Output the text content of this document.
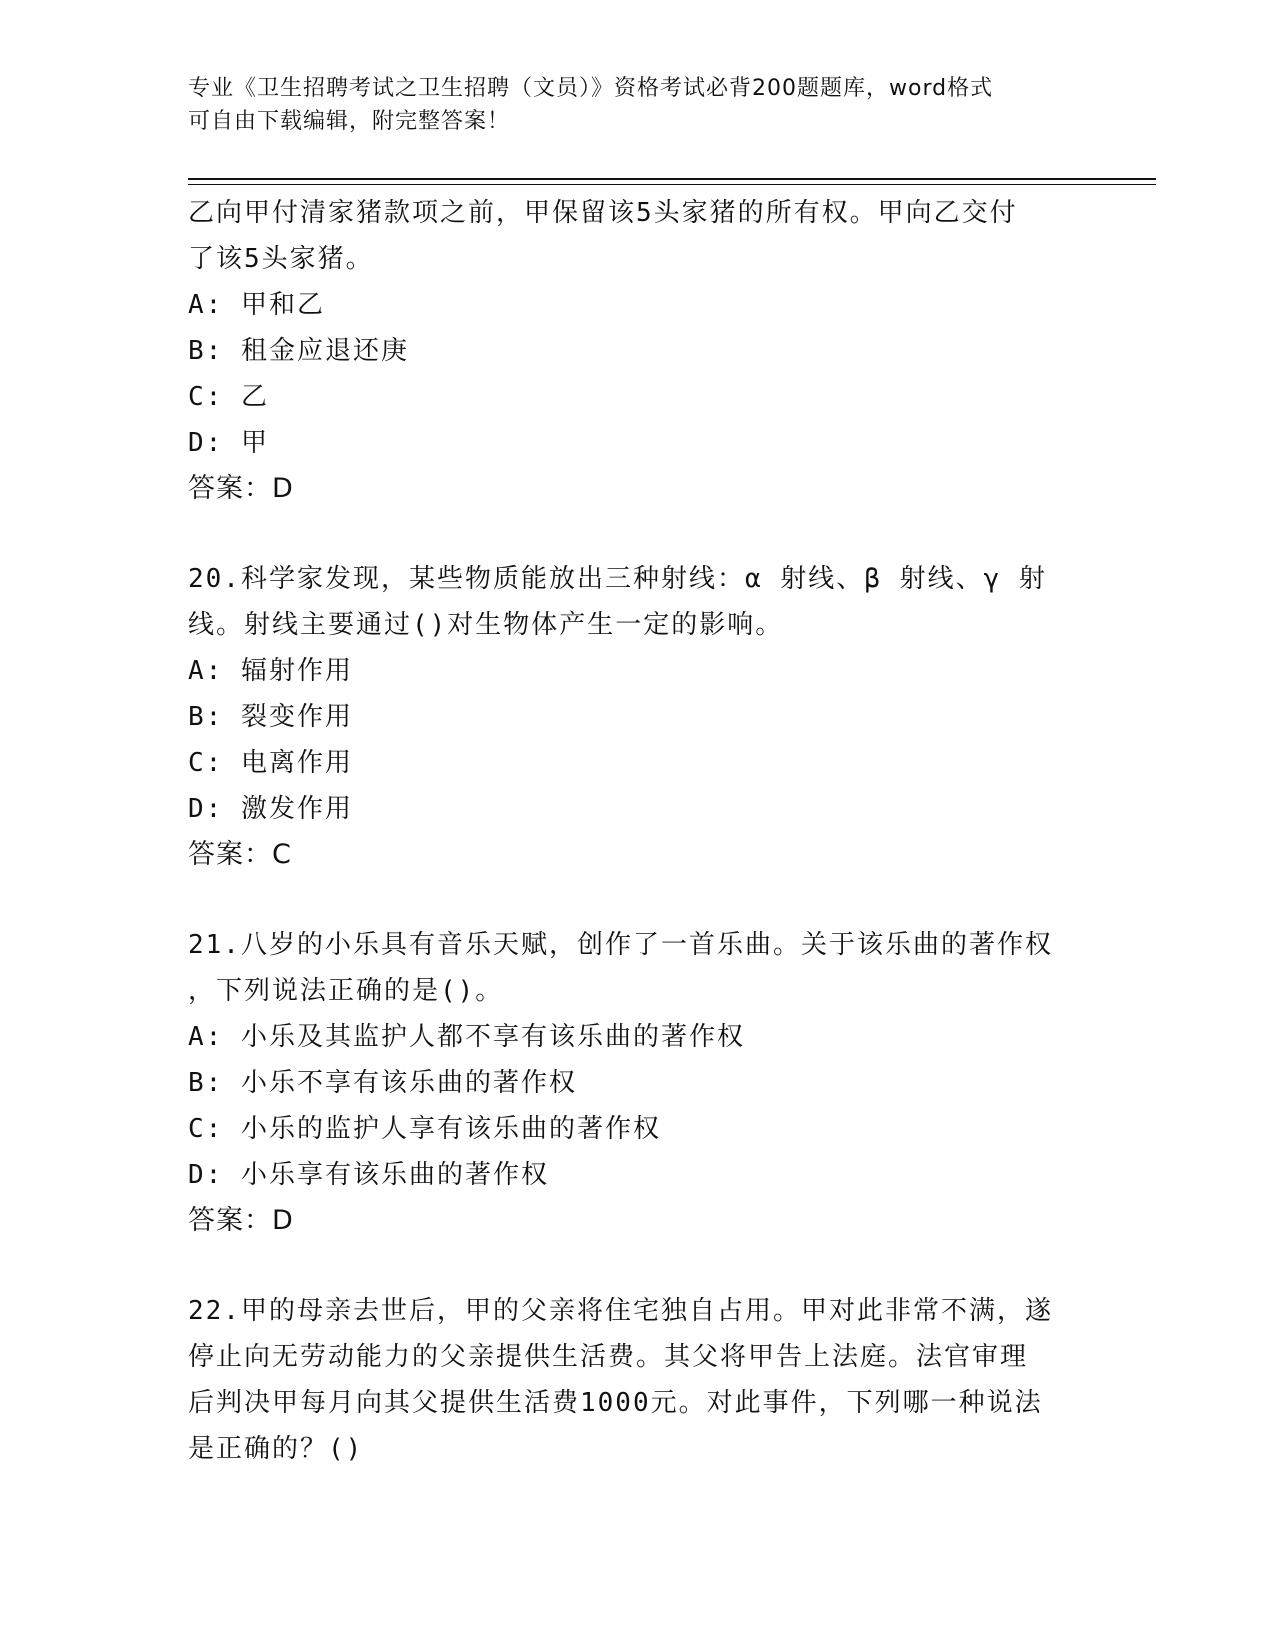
专业《卫生招聘考试之卫生招聘（文员）》资格考试必背200题题库，word格式
可自由下载编辑，附完整答案！
乙向甲付清家猪款项之前，甲保留该5头家猪的所有权。甲向乙交付
了该5头家猪。
A: 甲和乙
B: 租金应退还庚
C: 乙
D: 甲
答案：D
20.科学家发现，某些物质能放出三种射线：α 射线、β 射线、γ 射
线。射线主要通过()对生物体产生一定的影响。
A: 辐射作用
B: 裂变作用
C: 电离作用
D: 激发作用
答案：C
21.八岁的小乐具有音乐天赋，创作了一首乐曲。关于该乐曲的著作权
，下列说法正确的是()。
A: 小乐及其监护人都不享有该乐曲的著作权
B: 小乐不享有该乐曲的著作权
C: 小乐的监护人享有该乐曲的著作权
D: 小乐享有该乐曲的著作权
答案：D
22.甲的母亲去世后，甲的父亲将住宅独自占用。甲对此非常不满，遂
停止向无劳动能力的父亲提供生活费。其父将甲告上法庭。法官审理
后判决甲每月向其父提供生活费1000元。对此事件，下列哪一种说法
是正确的？()
